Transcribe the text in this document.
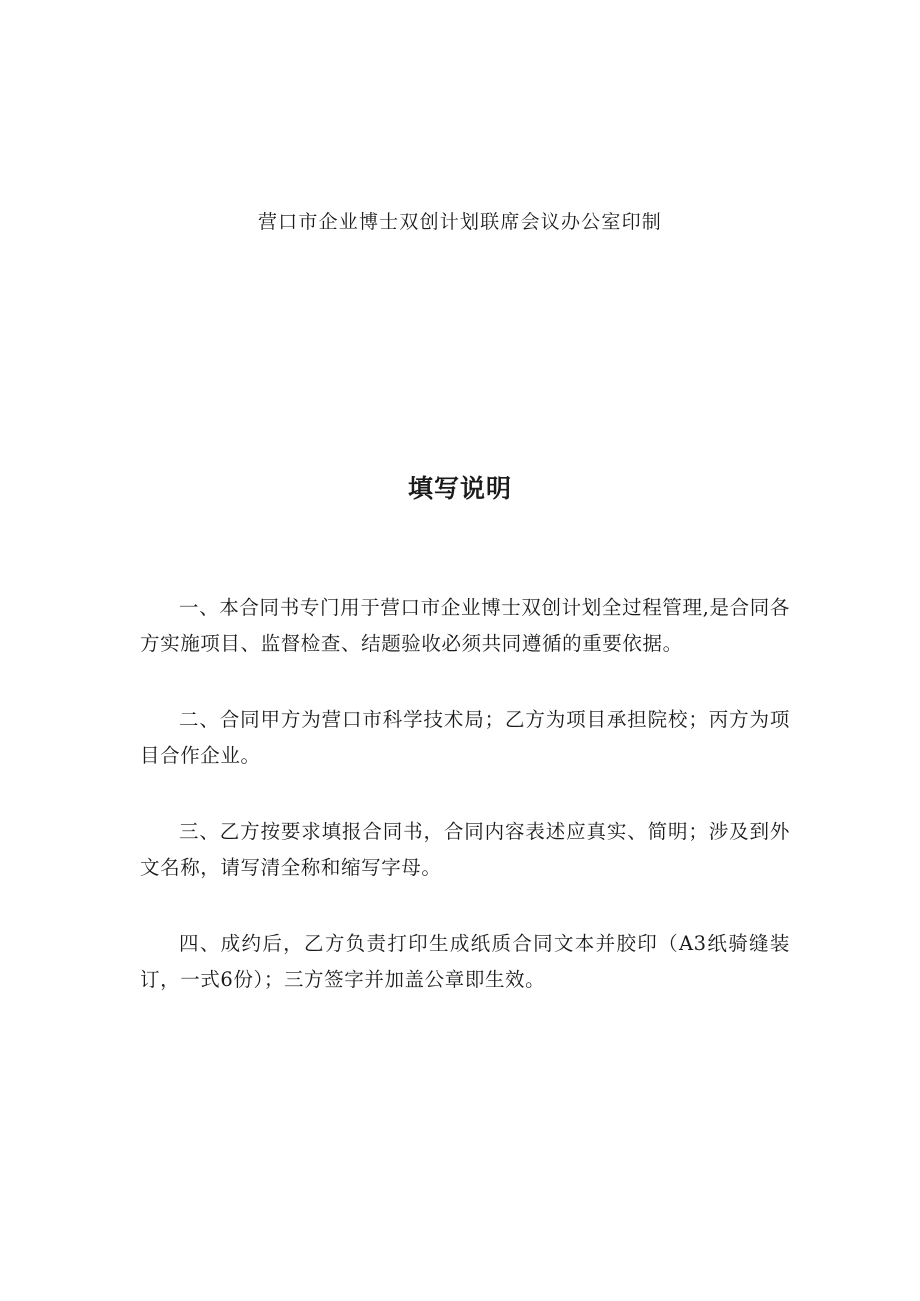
营口市企业博士双创计划联席会议办公室印制
填写说明

一、本合同书专门用于营口市企业博士双创计划全过程管理,是合同各方实施项目、监督检查、结题验收必须共同遵循的重要依据。

二、合同甲方为营口市科学技术局；乙方为项目承担院校；丙方为项目合作企业。

三、乙方按要求填报合同书，合同内容表述应真实、简明；涉及到外文名称，请写清全称和缩写字母。

四、成约后，乙方负责打印生成纸质合同文本并胶印（A3纸骑缝装订，一式6份）；三方签字并加盖公章即生效。
